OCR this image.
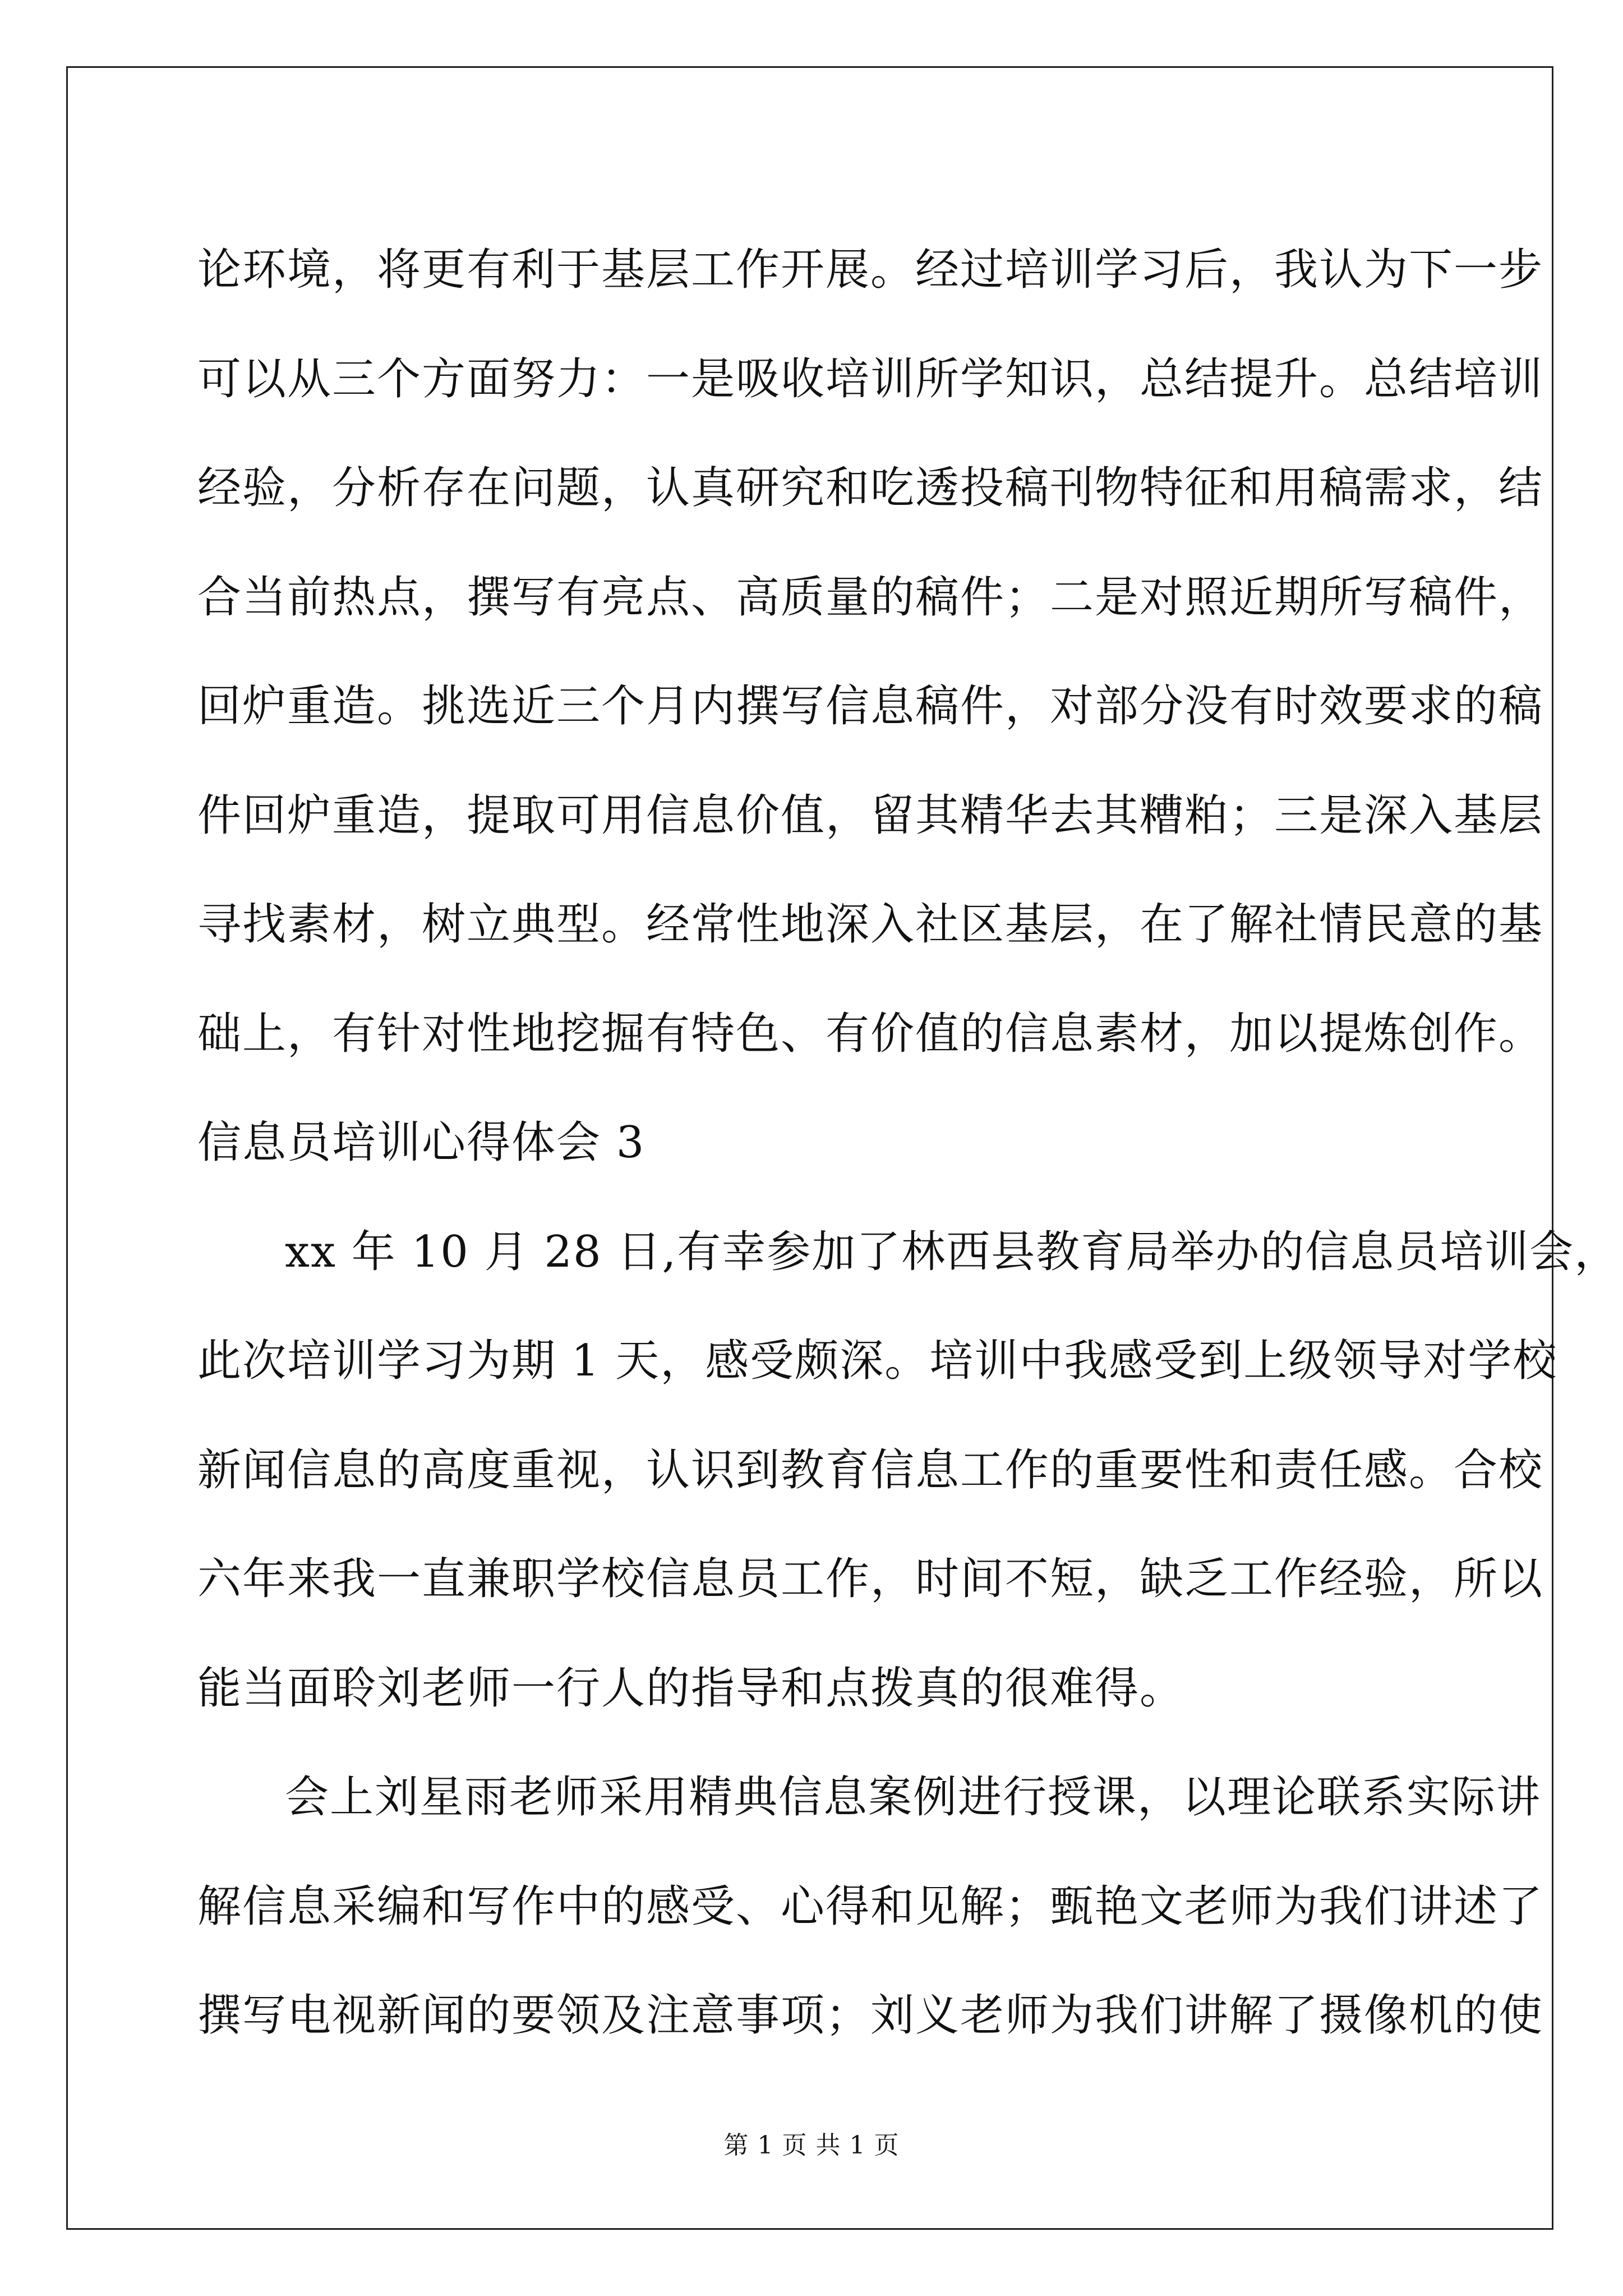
论环境，将更有利于基层工作开展。经过培训学习后，我认为下一步
可以从三个方面努力：一是吸收培训所学知识，总结提升。总结培训
经验，分析存在问题，认真研究和吃透投稿刊物特征和用稿需求，结
合当前热点，撰写有亮点、高质量的稿件；二是对照近期所写稿件，
回炉重造。挑选近三个月内撰写信息稿件，对部分没有时效要求的稿
件回炉重造，提取可用信息价值，留其精华去其糟粕；三是深入基层
寻找素材，树立典型。经常性地深入社区基层，在了解社情民意的基
础上，有针对性地挖掘有特色、有价值的信息素材，加以提炼创作。
信息员培训心得体会 3
xx 年 10 月 28 日,有幸参加了林西县教育局举办的信息员培训会，
此次培训学习为期 1 天，感受颇深。培训中我感受到上级领导对学校
新闻信息的高度重视，认识到教育信息工作的重要性和责任感。合校
六年来我一直兼职学校信息员工作，时间不短，缺乏工作经验，所以
能当面聆刘老师一行人的指导和点拨真的很难得。
会上刘星雨老师采用精典信息案例进行授课，以理论联系实际讲
解信息采编和写作中的感受、心得和见解；甄艳文老师为我们讲述了
撰写电视新闻的要领及注意事项；刘义老师为我们讲解了摄像机的使
第 1 页 共 1 页
